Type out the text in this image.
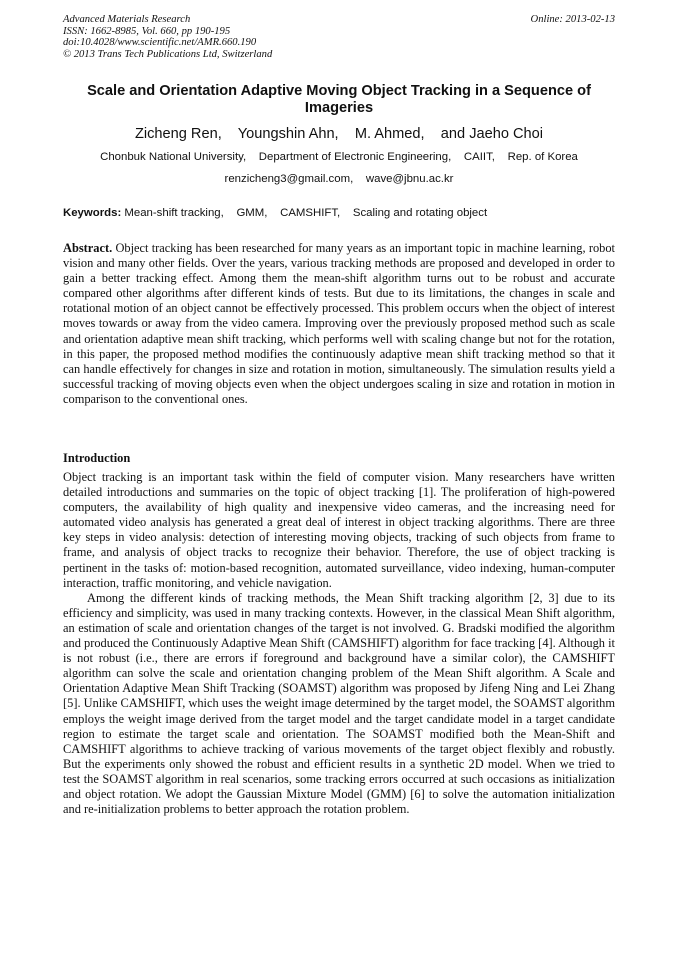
Advanced Materials Research
ISSN: 1662-8985, Vol. 660, pp 190-195
doi:10.4028/www.scientific.net/AMR.660.190
© 2013 Trans Tech Publications Ltd, Switzerland
Online: 2013-02-13
Scale and Orientation Adaptive Moving Object Tracking in a Sequence of Imageries
Zicheng Ren,    Youngshin Ahn,    M. Ahmed,    and Jaeho Choi
Chonbuk National University,    Department of Electronic Engineering,    CAIIT,    Rep. of Korea
renzicheng3@gmail.com,    wave@jbnu.ac.kr
Keywords: Mean-shift tracking,    GMM,    CAMSHIFT,    Scaling and rotating object

Abstract. Object tracking has been researched for many years as an important topic in machine learning, robot vision and many other fields. Over the years, various tracking methods are proposed and developed in order to gain a better tracking effect. Among them the mean-shift algorithm turns out to be robust and accurate compared other algorithms after different kinds of tests. But due to its limitations, the changes in scale and rotational motion of an object cannot be effectively processed. This problem occurs when the object of interest moves towards or away from the video camera. Improving over the previously proposed method such as scale and orientation adaptive mean shift tracking, which performs well with scaling change but not for the rotation, in this paper, the proposed method modifies the continuously adaptive mean shift tracking method so that it can handle effectively for changes in size and rotation in motion, simultaneously. The simulation results yield a successful tracking of moving objects even when the object undergoes scaling in size and rotation in motion in comparison to the conventional ones.

Introduction

Object tracking is an important task within the field of computer vision. Many researchers have written detailed introductions and summaries on the topic of object tracking [1]. The proliferation of high-powered computers, the availability of high quality and inexpensive video cameras, and the increasing need for automated video analysis has generated a great deal of interest in object tracking algorithms. There are three key steps in video analysis: detection of interesting moving objects, tracking of such objects from frame to frame, and analysis of object tracks to recognize their behavior. Therefore, the use of object tracking is pertinent in the tasks of: motion-based recognition, automated surveillance, video indexing, human-computer interaction, traffic monitoring, and vehicle navigation.

Among the different kinds of tracking methods, the Mean Shift tracking algorithm [2, 3] due to its efficiency and simplicity, was used in many tracking contexts. However, in the classical Mean Shift algorithm, an estimation of scale and orientation changes of the target is not involved. G. Bradski modified the algorithm and produced the Continuously Adaptive Mean Shift (CAMSHIFT) algorithm for face tracking [4]. Although it is not robust (i.e., there are errors if foreground and background have a similar color), the CAMSHIFT algorithm can solve the scale and orientation changing problem of the Mean Shift algorithm. A Scale and Orientation Adaptive Mean Shift Tracking (SOAMST) algorithm was proposed by Jifeng Ning and Lei Zhang [5]. Unlike CAMSHIFT, which uses the weight image determined by the target model, the SOAMST algorithm employs the weight image derived from the target model and the target candidate model in a target candidate region to estimate the target scale and orientation. The SOAMST modified both the Mean-Shift and CAMSHIFT algorithms to achieve tracking of various movements of the target object flexibly and robustly. But the experiments only showed the robust and efficient results in a synthetic 2D model. When we tried to test the SOAMST algorithm in real scenarios, some tracking errors occurred at such occasions as initialization and object rotation. We adopt the Gaussian Mixture Model (GMM) [6] to solve the automation initialization and re-initialization problems to better approach the rotation problem.
